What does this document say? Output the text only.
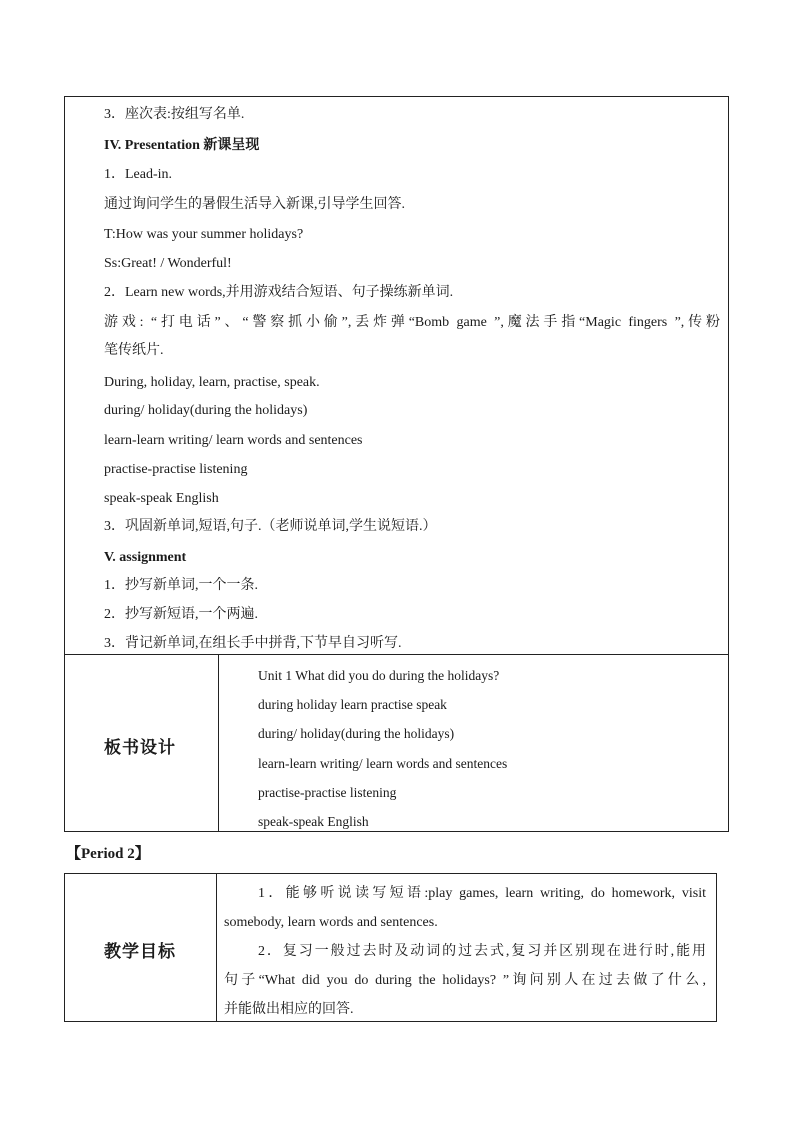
3．座次表:按组写名单.
IV. Presentation 新课呈现
1．Lead-in.
通过询问学生的暑假生活导入新课,引导学生回答.
T:How was your summer holidays?
Ss:Great! / Wonderful!
2．Learn new words,并用游戏结合短语、句子操练新单词.
游戏: “打电话”、“警察抓小偷”,丢炸弹“Bomb game ”,魔法手指“Magic fingers ”,传粉
笔传纸片.
During, holiday, learn, practise, speak.
during/ holiday(during the holidays)
learn-learn writing/ learn words and sentences
practise-practise listening
speak-speak English
3．巩固新单词,短语,句子.（老师说单词,学生说短语.）
V. assignment
1．抄写新单词,一个一条.
2．抄写新短语,一个两遍.
3．背记新单词,在组长手中拼背,下节早自习听写.
板书设计
Unit 1 What did you do during the holidays?
during holiday learn practise speak
during/ holiday(during the holidays)
learn-learn writing/ learn words and sentences
practise-practise listening
speak-speak English
【Period 2】
教学目标
1．能够听说读写短语:play games, learn writing, do homework, visit
somebody, learn words and sentences.
2．复习一般过去时及动词的过去式,复习并区别现在进行时,能用
句子“What did you do during the holidays? ”询问别人在过去做了什么,
并能做出相应的回答.
